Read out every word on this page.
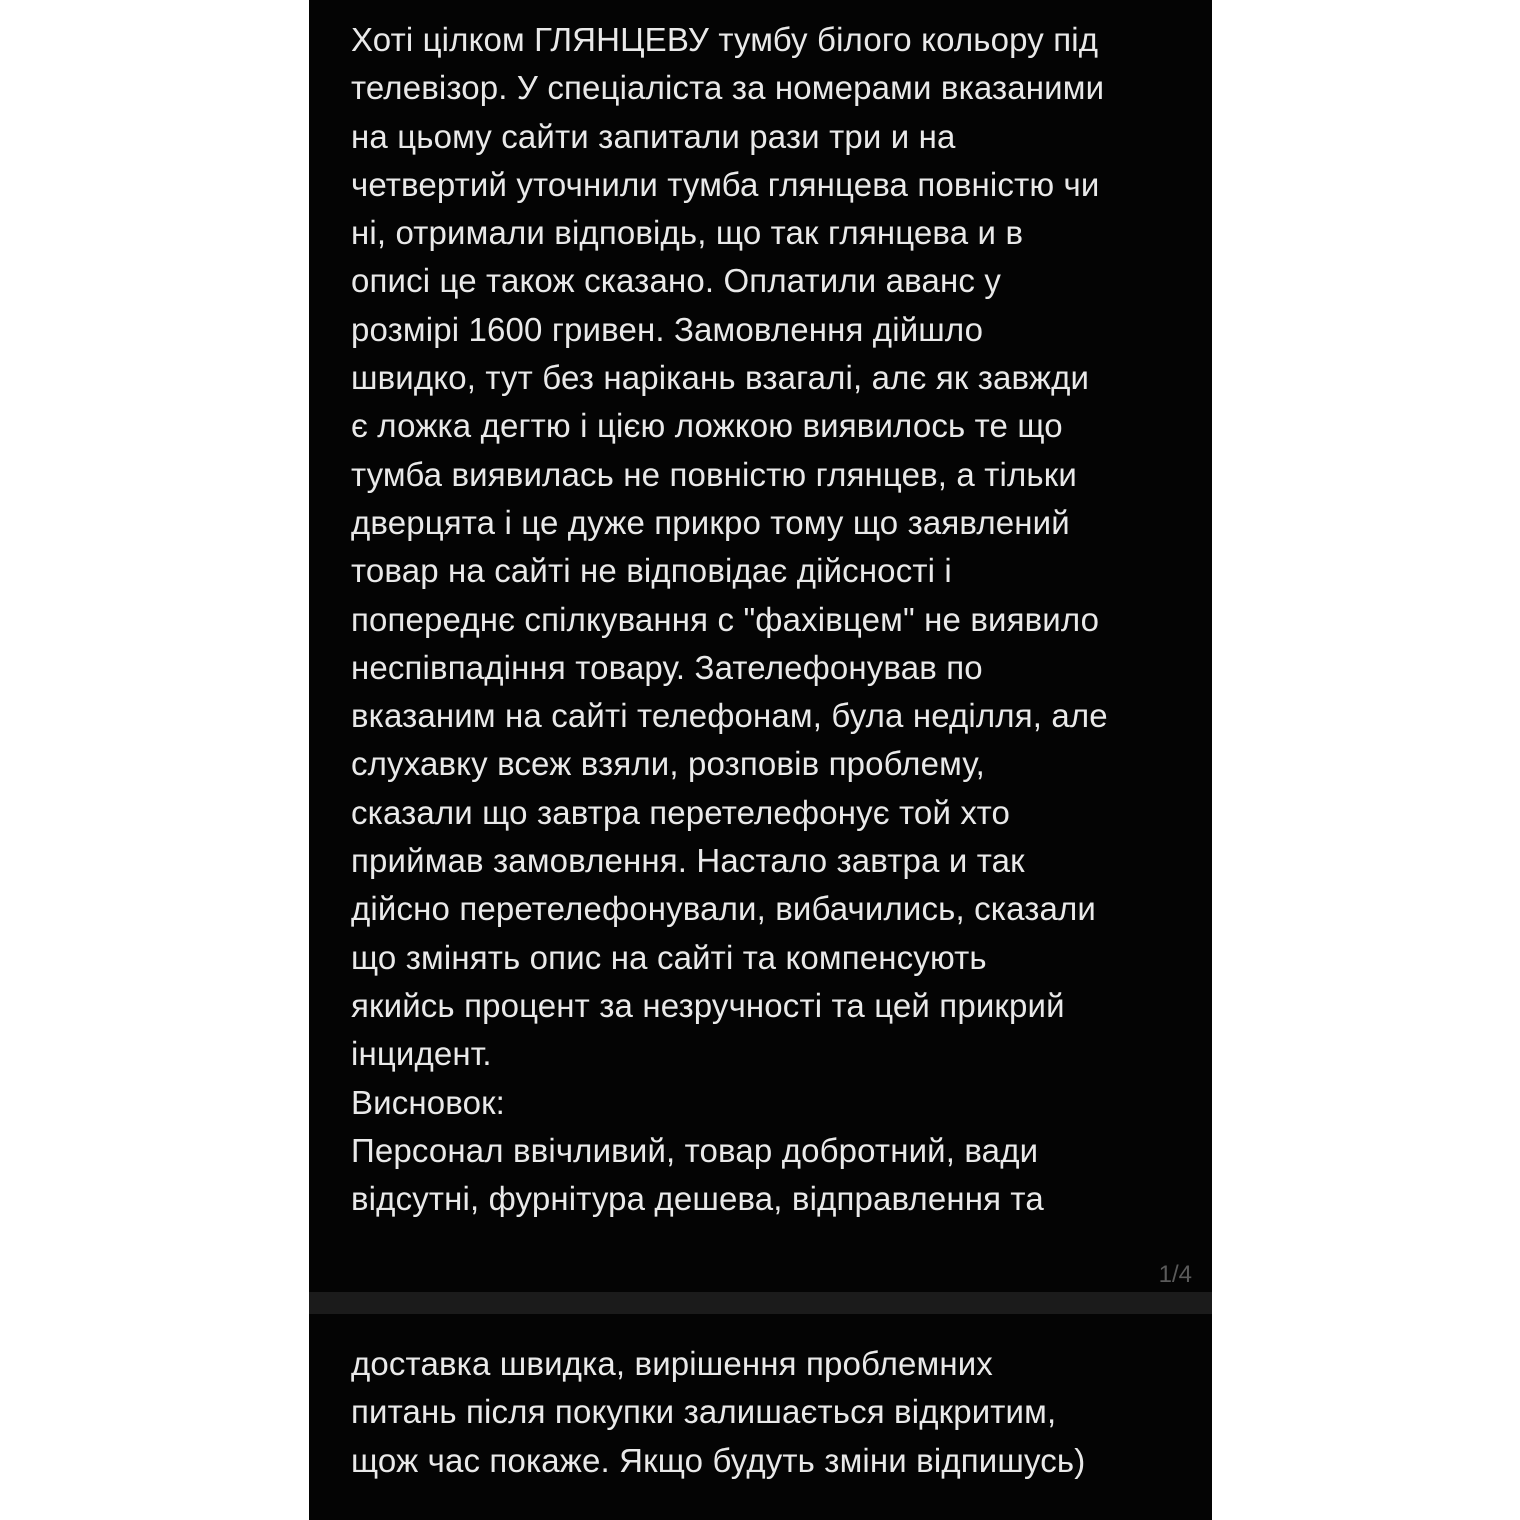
Хоті цілком ГЛЯНЦЕВУ тумбу білого кольору під
телевізор. У спеціаліста за номерами вказаними
на цьому сайти запитали рази три и на
четвертий уточнили тумба глянцева повністю чи
ні, отримали відповідь, що так глянцева и в
описі це також сказано. Оплатили аванс у
розмірі 1600 гривен. Замовлення дійшло
швидко, тут без нарікань взагалі, алє як завжди
є ложка дегтю і цією ложкою виявилось те що
тумба виявилась не повністю глянцев, а тільки
дверцята і це дуже прикро тому що заявлений
товар на сайті не відповідає дійсності і
попереднє спілкування с "фахівцем" не виявило
неспівпадіння товару. Зателефонував по
вказаним на сайті телефонам, була неділля, але
слухавку всеж взяли, розповів проблему,
сказали що завтра перетелефонує той хто
приймав замовлення. Настало завтра и так
дійсно перетелефонували, вибачились, сказали
що змінять опис на сайті та компенсують
якийсь процент за незручності та цей прикрий
інцидент.
Висновок:
Персонал ввічливий, товар добротний, вади
відсутні, фурнітура дешева, відправлення та

1/4

доставка швидка, вирішення проблемних
питань після покупки залишається відкритим,
щож час покаже. Якщо будуть зміни відпишусь)
